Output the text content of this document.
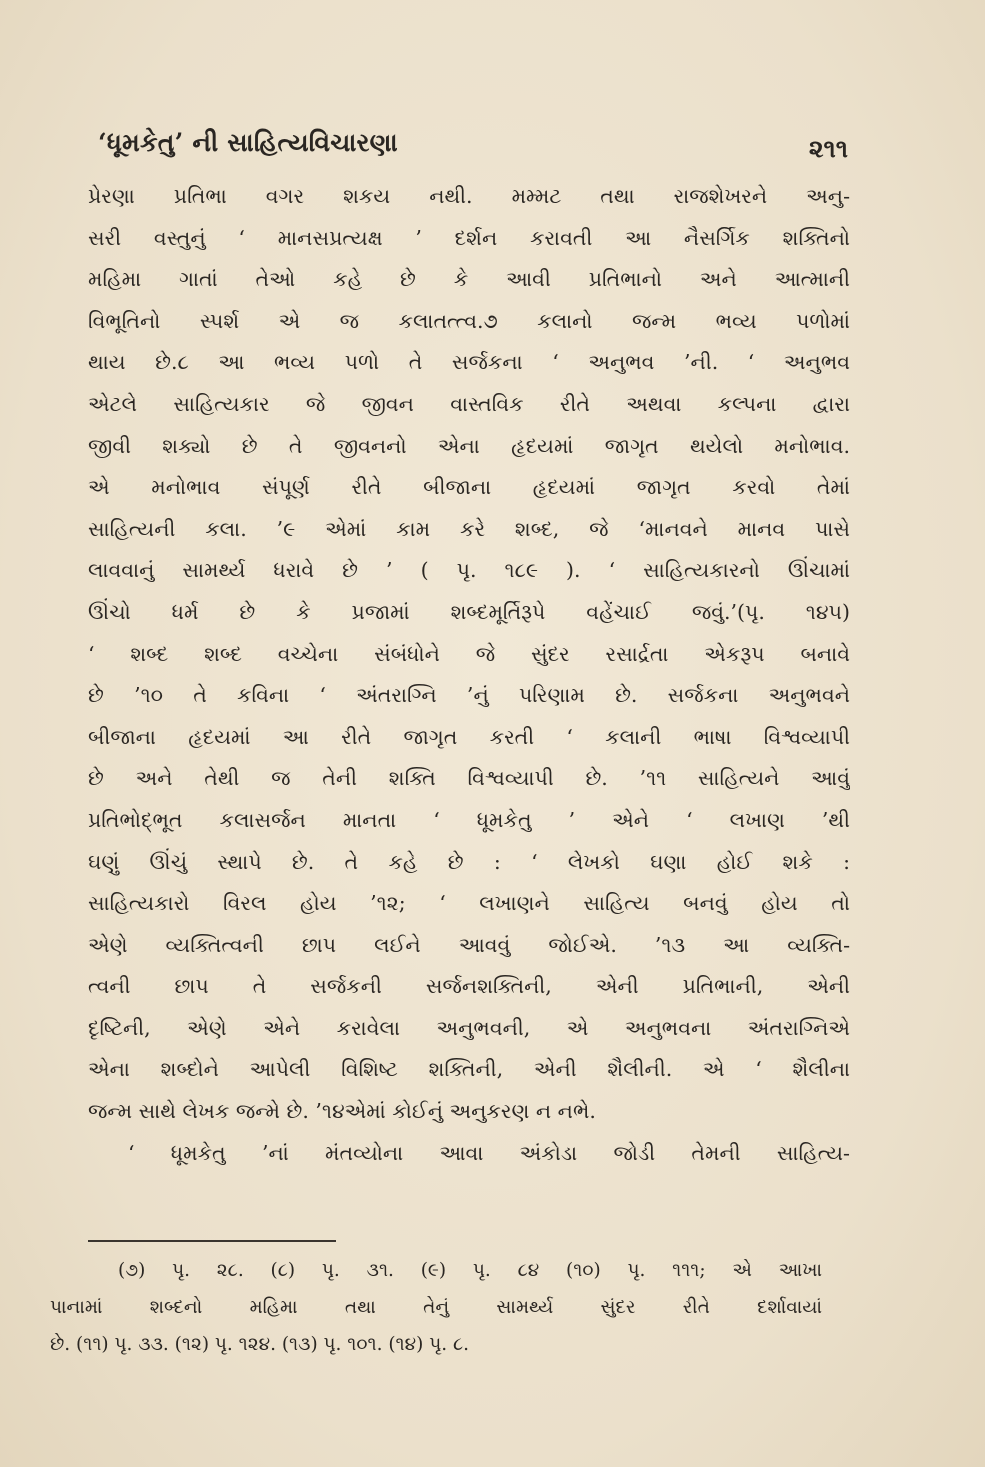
‘ધૂમકેતુ’ ની સાહિત્યવિચારણા	૨૧૧
પ્રેરણા પ્રતિભા વગર શકય નથી. મમ્મટ તથા રાજશેખરને અનુ-
સરી વસ્તુનું ‘ માનસપ્રત્યક્ષ ’ દર્શન કરાવતી આ નૈસર્ગિક શક્તિનો
મહિમા ગાતાં તેઓ કહે છે કે આવી પ્રતિભાનો અને આત્માની
વિભૂતિનો સ્પર્શ એ જ કલાતત્ત્વ.૭ કલાનો જન્મ ભવ્ય પળોમાં
થાય છે.૮ આ ભવ્ય પળો તે સર્જકના ‘ અનુભવ ’ની. ‘ અનુભવ
એટલે સાહિત્યકાર જે જીવન વાસ્તવિક રીતે અથવા કલ્પના દ્વારા
જીવી શક્યો છે તે જીવનનો એના હૃદયમાં જાગૃત થયેલો મનોભાવ.
એ મનોભાવ સંપૂર્ણ રીતે બીજાના હૃદયમાં જાગૃત કરવો તેમાં
સાહિત્યની કલા. ’૯ એમાં કામ કરે શબ્દ, જે ‘માનવને માનવ પાસે
લાવવાનું સામર્થ્ય ધરાવે છે ’ ( પૃ. ૧૮૯ ). ‘ સાહિત્યકારનો ઊંચામાં
ઊંચો ધર્મ છે કે પ્રજામાં શબ્દમૂર્તિરૂપે વહેંચાઈ જવું.’(પૃ. ૧૪૫)
‘ શબ્દ શબ્દ વચ્ચેના સંબંધોને જે સુંદર રસાર્દ્રતા એકરૂપ બનાવે
છે ’૧૦ તે કવિના ‘ અંતરાગ્નિ ’નું પરિણામ છે. સર્જકના અનુભવને
બીજાના હૃદયમાં આ રીતે જાગૃત કરતી ‘ કલાની ભાષા વિશ્વવ્યાપી
છે અને તેથી જ તેની શક્તિ વિશ્વવ્યાપી છે. ’૧૧ સાહિત્યને આવું
પ્રતિભોદ્ભૂત કલાસર્જન માનતા ‘ ધૂમકેતુ ’ એને ‘ લખાણ ’થી
ઘણું ઊંચું સ્થાપે છે. તે કહે છે : ‘ લેખકો ઘણા હોઈ શકે :
સાહિત્યકારો વિરલ હોય ’૧૨; ‘ લખાણને સાહિત્ય બનવું હોય તો
એણે વ્યક્તિત્વની છાપ લઈને આવવું જોઈએ. ’૧૩ આ વ્યક્તિ-
ત્વની છાપ તે સર્જકની સર્જનશક્તિની, એની પ્રતિભાની, એની
દૃષ્ટિની, એણે એને કરાવેલા અનુભવની, એ અનુભવના અંતરાગ્નિએ
એના શબ્દોને આપેલી વિશિષ્ટ શક્તિની, એની શૈલીની. એ ‘ શૈલીના
જન્મ સાથે લેખક જન્મે છે. ’૧૪એમાં કોઈનું અનુકરણ ન નભે.
‘ ધૂમકેતુ ’નાં મંતવ્યોના આવા અંકોડા જોડી તેમની સાહિત્ય-
(૭) પૃ. ૨૮. (૮) પૃ. ૩૧. (૯) પૃ. ૮૪ (૧૦) પૃ. ૧૧૧; એ આખા
પાનામાં શબ્દનો મહિમા તથા તેનું સામર્થ્ય સુંદર રીતે દર્શાવાયાં
છે. (૧૧) પૃ. ૩૩. (૧૨) પૃ. ૧૨૪. (૧૩) પૃ. ૧૦૧. (૧૪) પૃ. ૮.
